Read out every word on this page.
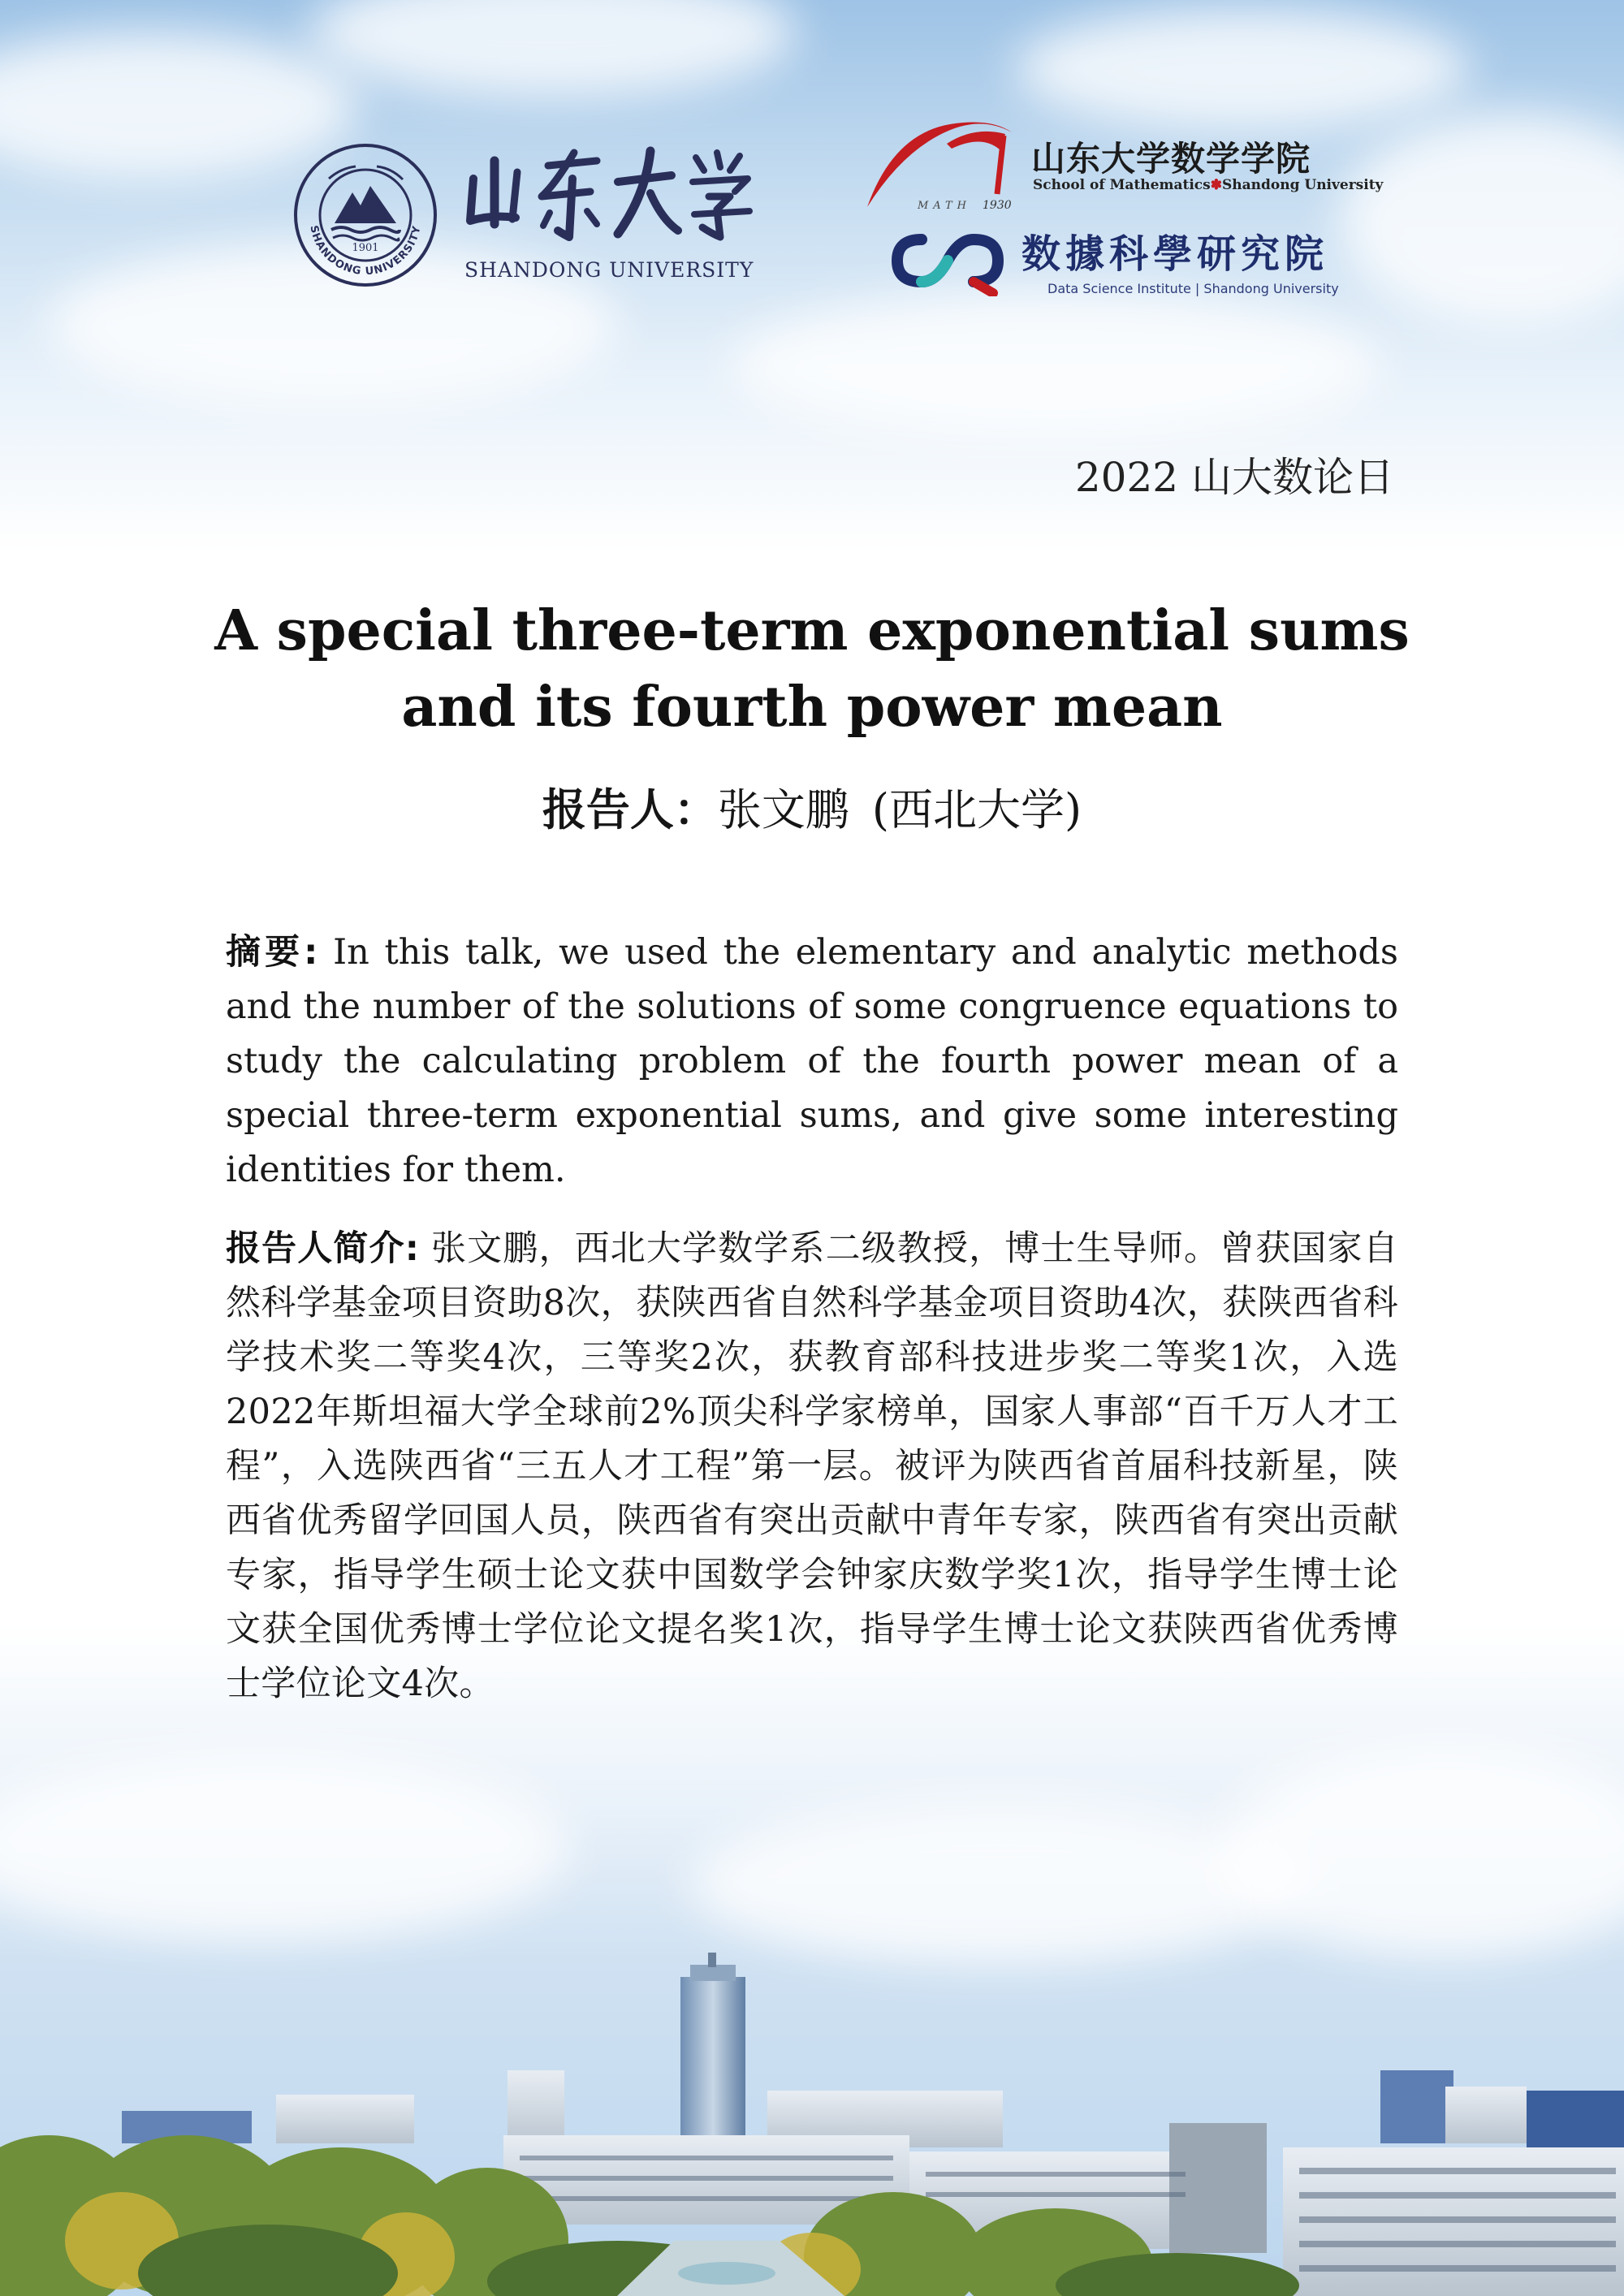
1901
SHANDONG UNIVERSITY
SHANDONG UNIVERSITY
MATH 1930
山东大学数学学院
School of Mathematics✽Shandong University
数據科學研究院
Data Science Institute | Shandong University
2022 山大数论日
A special three-term exponential sums and its fourth power mean
报告人：张文鹏 (西北大学)

摘要: In this talk, we used the elementary and analytic methods and the number of the solutions of some congruence equations to study the calculating problem of the fourth power mean of a special three-term exponential sums, and give some interesting identities for them.

报告人简介: 张文鹏，西北大学数学系二级教授，博士生导师。曾获国家自然科学基金项目资助8次，获陕西省自然科学基金项目资助4次，获陕西省科学技术奖二等奖4次，三等奖2次，获教育部科技进步奖二等奖1次，入选2022年斯坦福大学全球前2%顶尖科学家榜单，国家人事部“百千万人才工程”，入选陕西省“三五人才工程”第一层。被评为陕西省首届科技新星，陕西省优秀留学回国人员，陕西省有突出贡献中青年专家，陕西省有突出贡献专家，指导学生硕士论文获中国数学会钟家庆数学奖1次，指导学生博士论文获全国优秀博士学位论文提名奖1次，指导学生博士论文获陕西省优秀博士学位论文4次。
